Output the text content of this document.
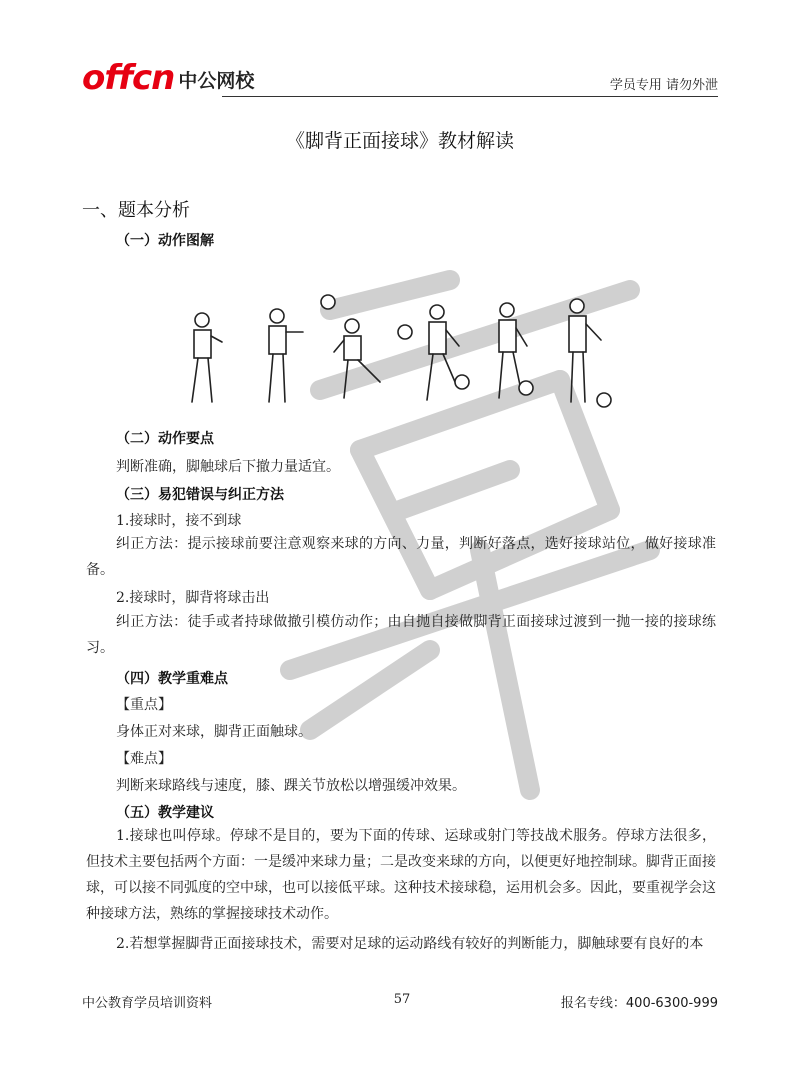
offcn 中公网校	学员专用 请勿外泄
《脚背正面接球》教材解读
一、题本分析
（一）动作图解
（二）动作要点
判断准确，脚触球后下撤力量适宜。
（三）易犯错误与纠正方法
1.接球时，接不到球
纠正方法：提示接球前要注意观察来球的方向、力量，判断好落点，选好接球站位，做好接球准备。
2.接球时，脚背将球击出
纠正方法：徒手或者持球做撤引模仿动作；由自抛自接做脚背正面接球过渡到一抛一接的接球练习。
（四）教学重难点
【重点】
身体正对来球，脚背正面触球。
【难点】
判断来球路线与速度，膝、踝关节放松以增强缓冲效果。
（五）教学建议
1.接球也叫停球。停球不是目的，要为下面的传球、运球或射门等技战术服务。停球方法很多，但技术主要包括两个方面：一是缓冲来球力量；二是改变来球的方向，以便更好地控制球。脚背正面接球，可以接不同弧度的空中球，也可以接低平球。这种技术接球稳，运用机会多。因此，要重视学会这种接球方法，熟练的掌握接球技术动作。
2.若想掌握脚背正面接球技术，需要对足球的运动路线有较好的判断能力，脚触球要有良好的本
中公教育学员培训资料	57	报名专线：400-6300-999
